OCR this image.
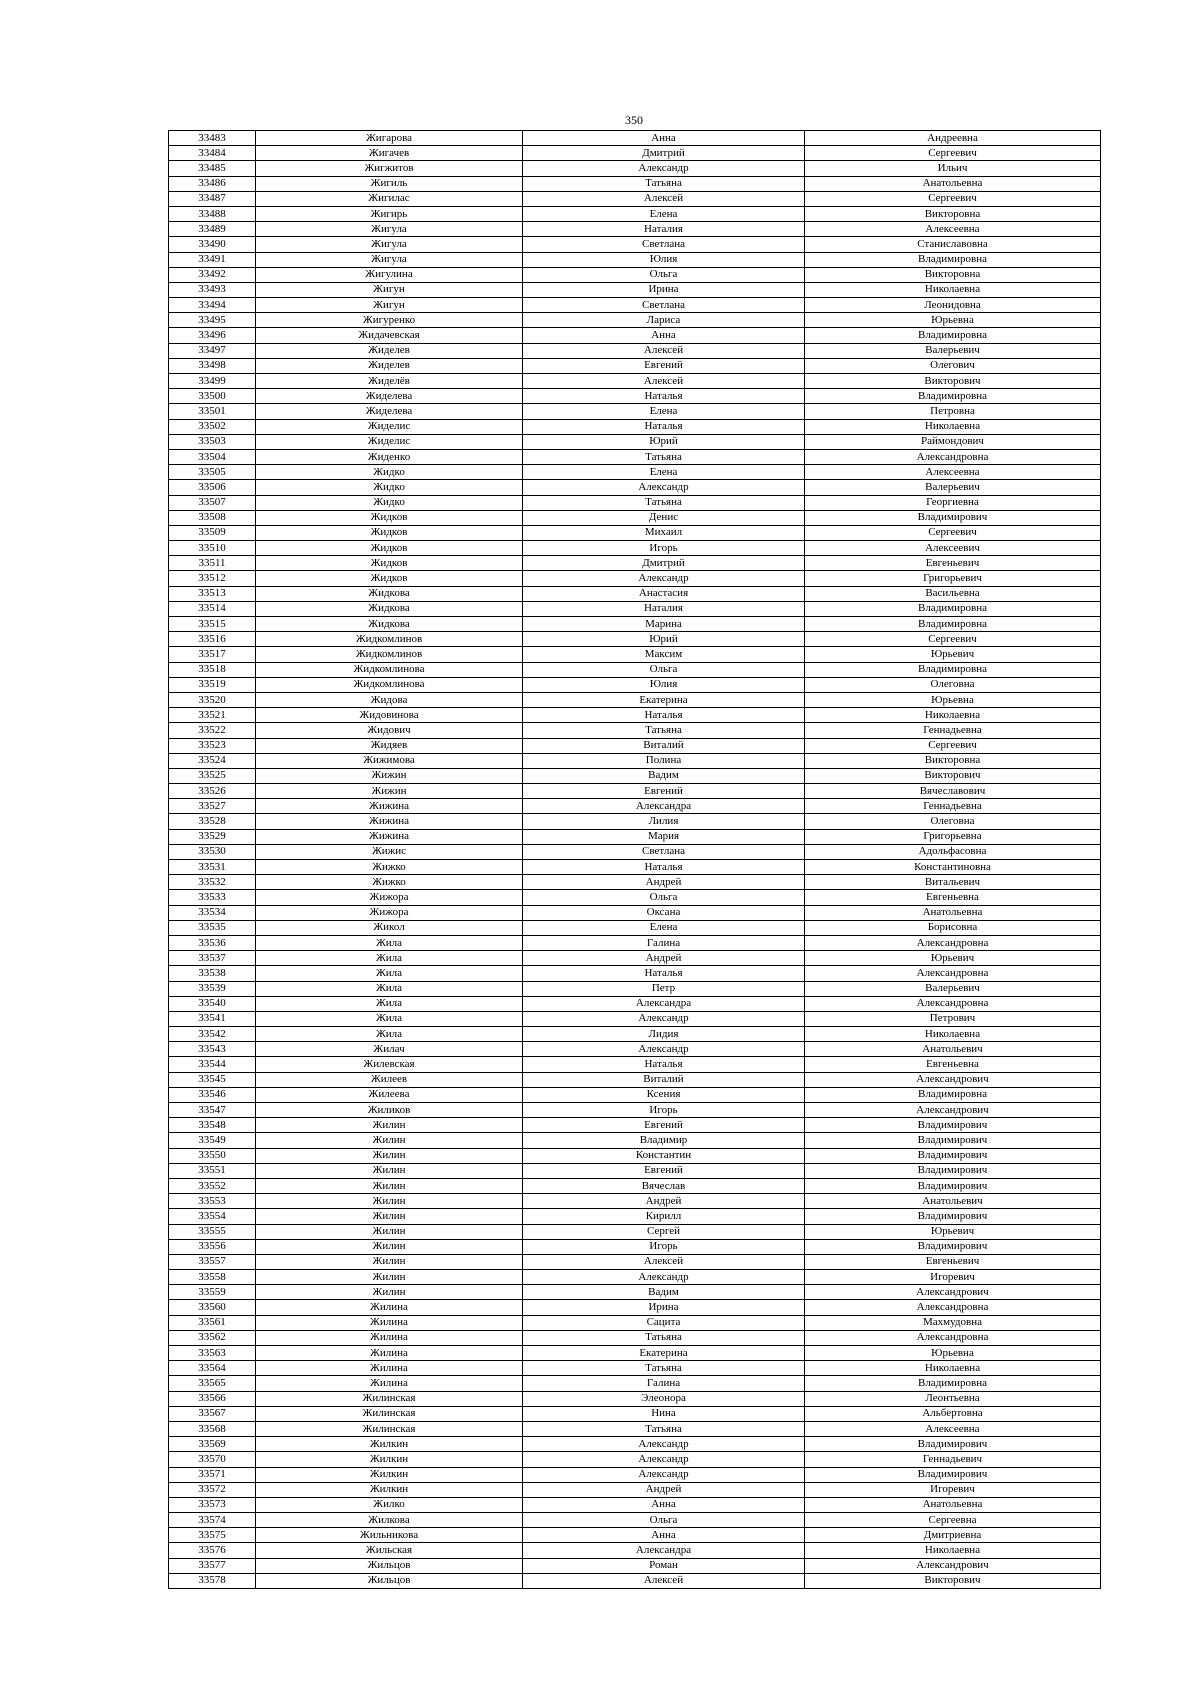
350
33483	Жигарова	Анна	Андреевна
33484	Жигачев	Дмитрий	Сергеевич
33485	Жигжитов	Александр	Ильич
33486	Жигиль	Татьяна	Анатольевна
33487	Жигилас	Алексей	Сергеевич
33488	Жигирь	Елена	Викторовна
33489	Жигула	Наталия	Алексеевна
33490	Жигула	Светлана	Станиславовна
33491	Жигула	Юлия	Владимировна
33492	Жигулина	Ольга	Викторовна
33493	Жигун	Ирина	Николаевна
33494	Жигун	Светлана	Леонидовна
33495	Жигуренко	Лариса	Юрьевна
33496	Жидачевская	Анна	Владимировна
33497	Жиделев	Алексей	Валерьевич
33498	Жиделев	Евгений	Олегович
33499	Жиделёв	Алексей	Викторович
33500	Жиделева	Наталья	Владимировна
33501	Жиделева	Елена	Петровна
33502	Жиделис	Наталья	Николаевна
33503	Жиделис	Юрий	Раймондович
33504	Жиденко	Татьяна	Александровна
33505	Жидко	Елена	Алексеевна
33506	Жидко	Александр	Валерьевич
33507	Жидко	Татьяна	Георгиевна
33508	Жидков	Денис	Владимирович
33509	Жидков	Михаил	Сергеевич
33510	Жидков	Игорь	Алексеевич
33511	Жидков	Дмитрий	Евгеньевич
33512	Жидков	Александр	Григорьевич
33513	Жидкова	Анастасия	Васильевна
33514	Жидкова	Наталия	Владимировна
33515	Жидкова	Марина	Владимировна
33516	Жидкомлинов	Юрий	Сергеевич
33517	Жидкомлинов	Максим	Юрьевич
33518	Жидкомлинова	Ольга	Владимировна
33519	Жидкомлинова	Юлия	Олеговна
33520	Жидова	Екатерина	Юрьевна
33521	Жидовинова	Наталья	Николаевна
33522	Жидович	Татьяна	Геннадьевна
33523	Жидяев	Виталий	Сергеевич
33524	Жижимова	Полина	Викторовна
33525	Жижин	Вадим	Викторович
33526	Жижин	Евгений	Вячеславович
33527	Жижина	Александра	Геннадьевна
33528	Жижина	Лилия	Олеговна
33529	Жижина	Мария	Григорьевна
33530	Жижис	Светлана	Адольфасовна
33531	Жижко	Наталья	Константиновна
33532	Жижко	Андрей	Витальевич
33533	Жижора	Ольга	Евгеньевна
33534	Жижора	Оксана	Анатольевна
33535	Жикол	Елена	Борисовна
33536	Жила	Галина	Александровна
33537	Жила	Андрей	Юрьевич
33538	Жила	Наталья	Александровна
33539	Жила	Петр	Валерьевич
33540	Жила	Александра	Александровна
33541	Жила	Александр	Петрович
33542	Жила	Лидия	Николаевна
33543	Жилач	Александр	Анатольевич
33544	Жилевская	Наталья	Евгеньевна
33545	Жилеев	Виталий	Александрович
33546	Жилеева	Ксения	Владимировна
33547	Жиликов	Игорь	Александрович
33548	Жилин	Евгений	Владимирович
33549	Жилин	Владимир	Владимирович
33550	Жилин	Константин	Владимирович
33551	Жилин	Евгений	Владимирович
33552	Жилин	Вячеслав	Владимирович
33553	Жилин	Андрей	Анатольевич
33554	Жилин	Кирилл	Владимирович
33555	Жилин	Сергей	Юрьевич
33556	Жилин	Игорь	Владимирович
33557	Жилин	Алексей	Евгеньевич
33558	Жилин	Александр	Игоревич
33559	Жилин	Вадим	Александрович
33560	Жилина	Ирина	Александровна
33561	Жилина	Сацита	Махмудовна
33562	Жилина	Татьяна	Александровна
33563	Жилина	Екатерина	Юрьевна
33564	Жилина	Татьяна	Николаевна
33565	Жилина	Галина	Владимировна
33566	Жилинская	Элеонора	Леонтьевна
33567	Жилинская	Нина	Альбертовна
33568	Жилинская	Татьяна	Алексеевна
33569	Жилкин	Александр	Владимирович
33570	Жилкин	Александр	Геннадьевич
33571	Жилкин	Александр	Владимирович
33572	Жилкин	Андрей	Игоревич
33573	Жилко	Анна	Анатольевна
33574	Жилкова	Ольга	Сергеевна
33575	Жильникова	Анна	Дмитриевна
33576	Жильская	Александра	Николаевна
33577	Жильцов	Роман	Александрович
33578	Жильцов	Алексей	Викторович
